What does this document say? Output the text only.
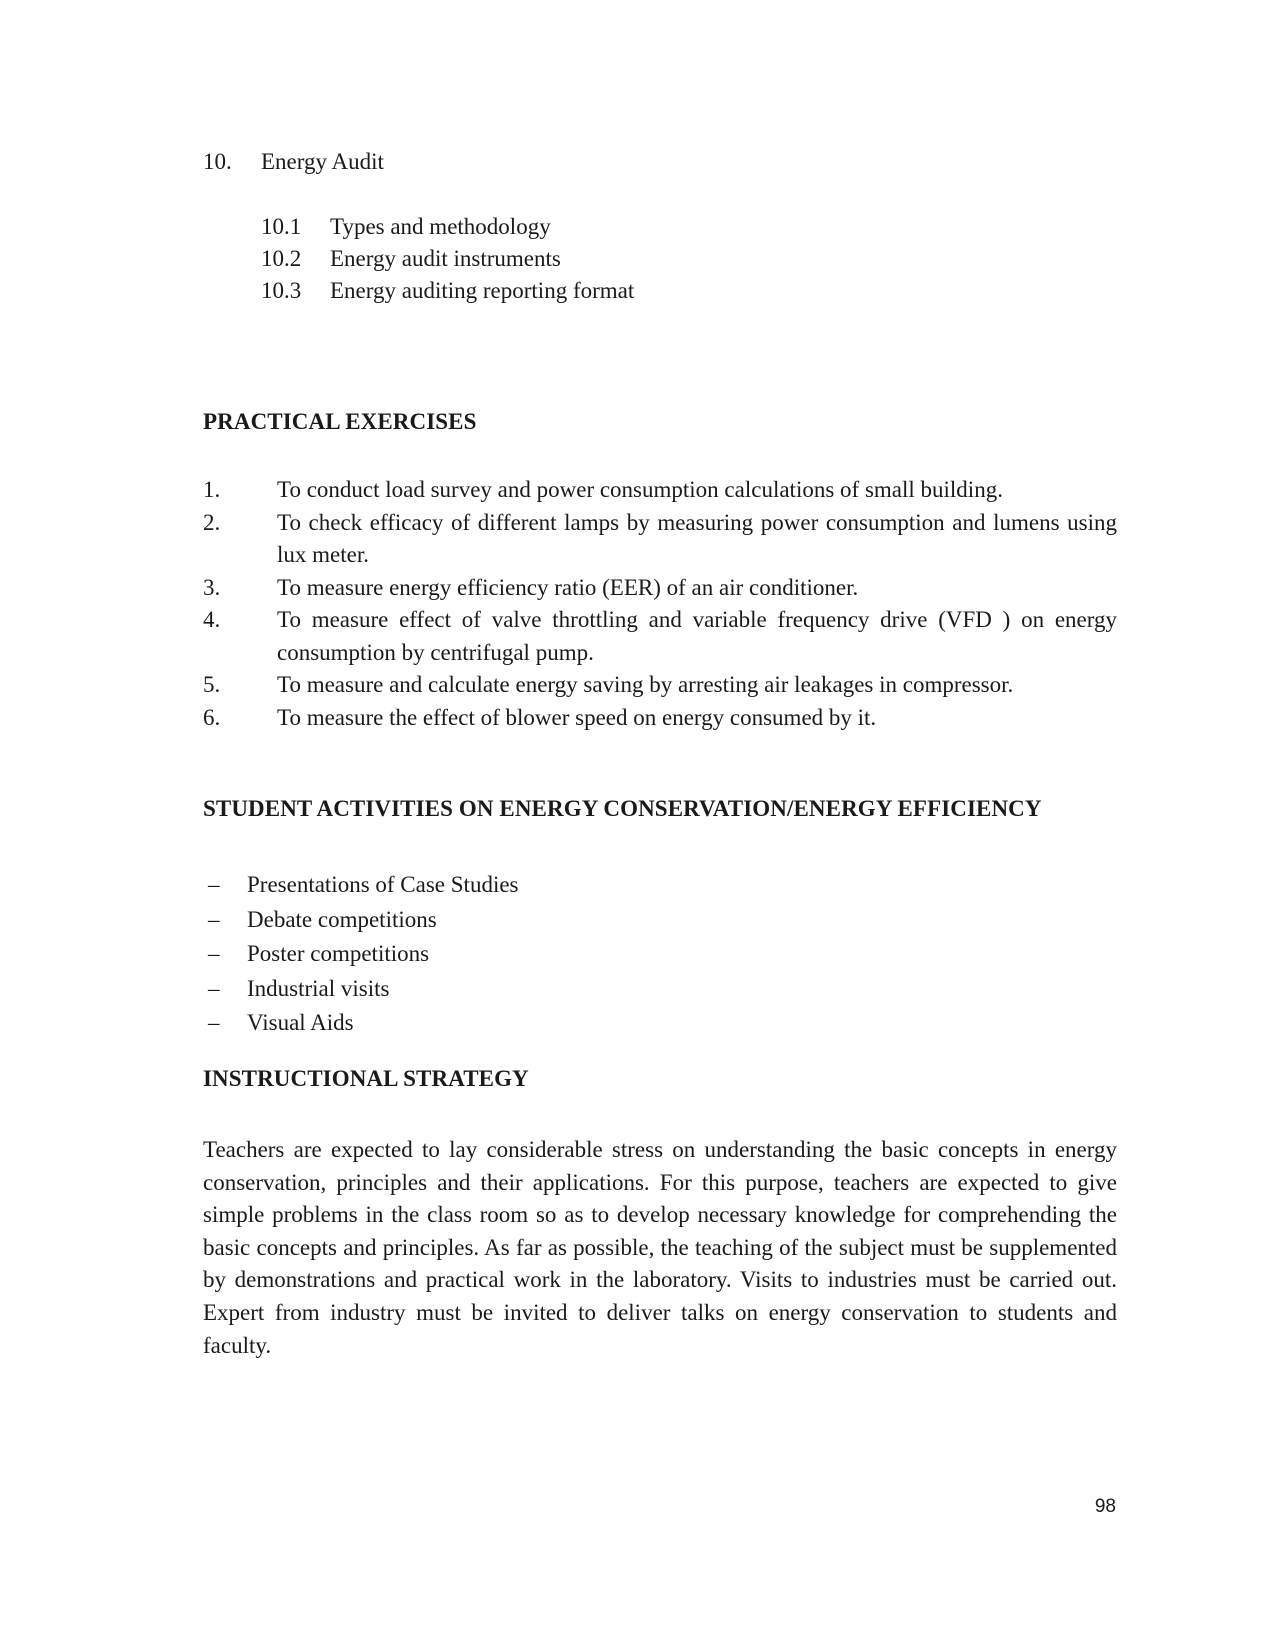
10. Energy Audit
10.1 Types and methodology
10.2 Energy audit instruments
10.3 Energy auditing reporting format
PRACTICAL EXERCISES
1. To conduct load survey and power consumption calculations of small building.
2. To check efficacy of different lamps by measuring power consumption and lumens using lux meter.
3. To measure energy efficiency ratio (EER) of an air conditioner.
4. To measure effect of valve throttling and variable frequency drive (VFD ) on energy consumption by centrifugal pump.
5. To measure and calculate energy saving by arresting air leakages in compressor.
6. To measure the effect of blower speed on energy consumed by it.
STUDENT ACTIVITIES ON ENERGY CONSERVATION/ENERGY EFFICIENCY
– Presentations of Case Studies
– Debate competitions
– Poster competitions
– Industrial visits
– Visual Aids
INSTRUCTIONAL STRATEGY
Teachers are expected to lay considerable stress on understanding the basic concepts in energy conservation, principles and their applications. For this purpose, teachers are expected to give simple problems in the class room so as to develop necessary knowledge for comprehending the basic concepts and principles. As far as possible, the teaching of the subject must be supplemented by demonstrations and practical work in the laboratory. Visits to industries must be carried out. Expert from industry must be invited to deliver talks on energy conservation to students and faculty.
98
